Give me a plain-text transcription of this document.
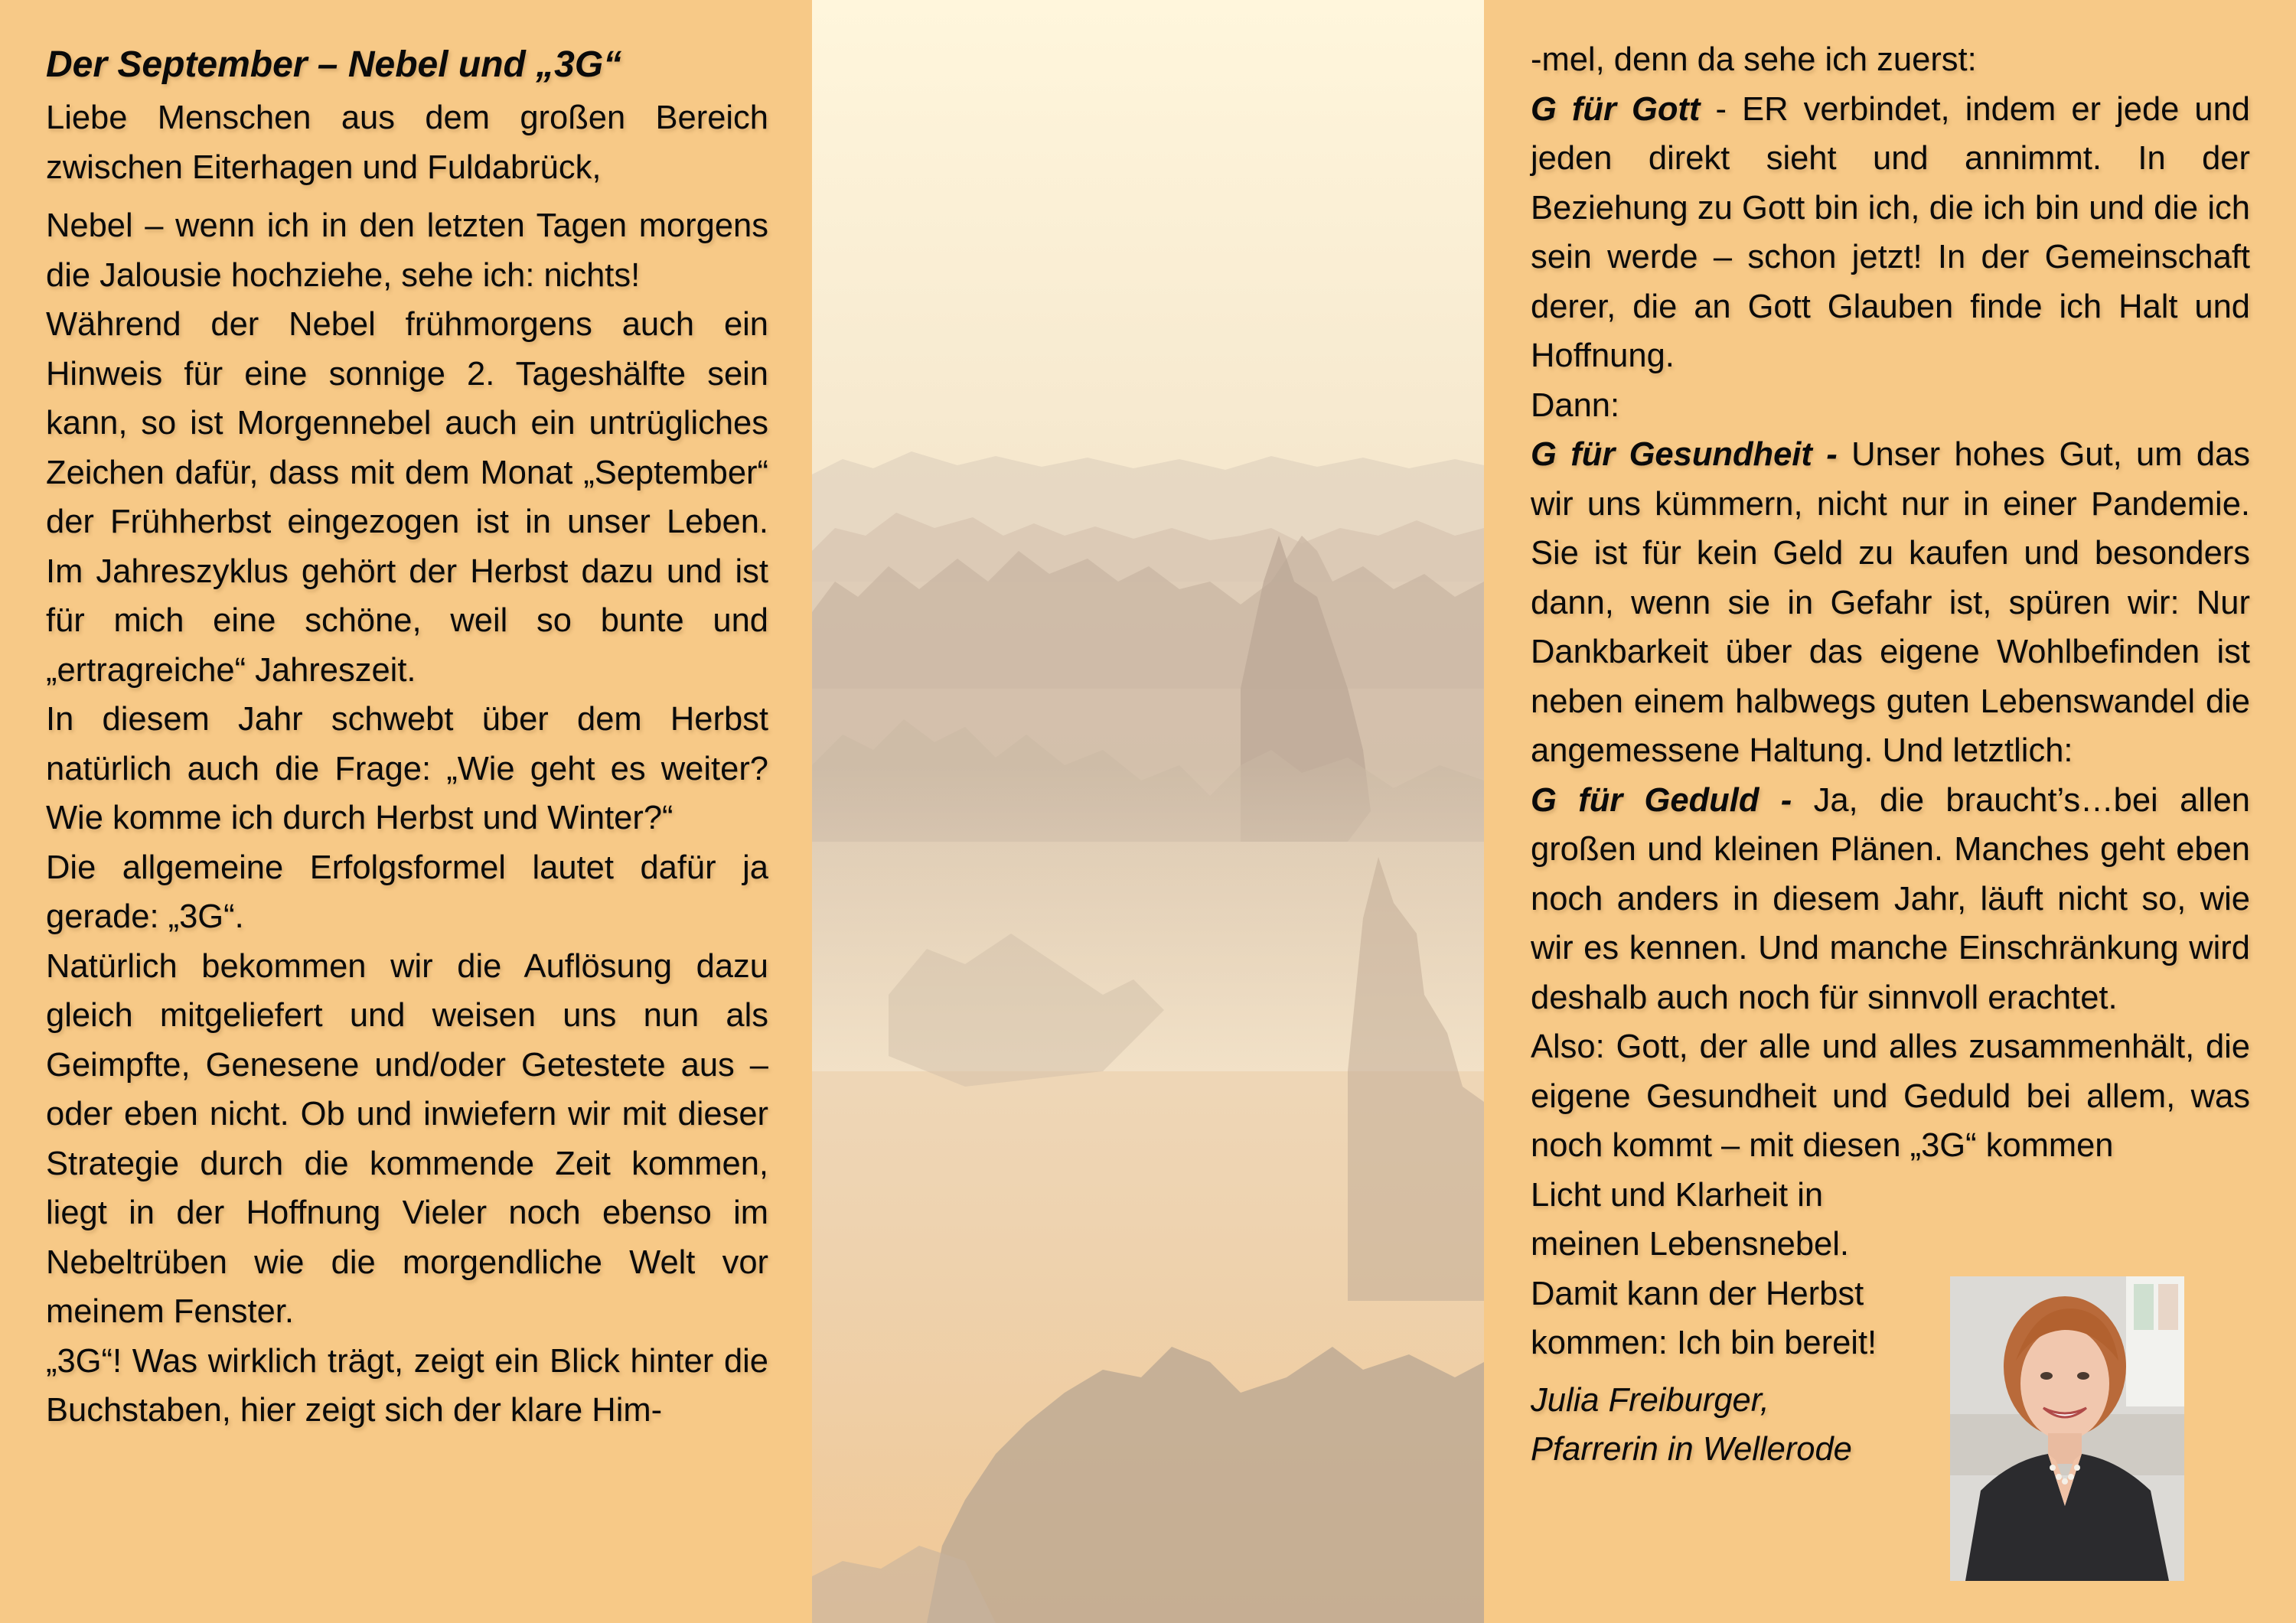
Der September – Nebel und „3G“

Liebe Menschen aus dem großen Bereich zwischen Eiterhagen und Fuldabrück,

Nebel – wenn ich in den letzten Tagen morgens die Jalousie hochziehe, sehe ich: nichts!

Während der Nebel frühmorgens auch ein Hinweis für eine sonnige 2. Tageshälfte sein kann, so ist Morgennebel auch ein untrügliches Zeichen dafür, dass mit dem Monat „September“ der Frühherbst eingezogen ist in unser Leben. Im Jahreszyklus gehört der Herbst dazu und ist für mich eine schöne, weil so bunte und „ertragreiche“ Jahreszeit.

In diesem Jahr schwebt über dem Herbst natürlich auch die Frage: „Wie geht es weiter? Wie komme ich durch Herbst und Winter?“

Die allgemeine Erfolgsformel lautet dafür ja gerade: „3G“.

Natürlich bekommen wir die Auflösung dazu gleich mitgeliefert und weisen uns nun als Geimpfte, Genesene und/oder Getestete aus – oder eben nicht. Ob und inwiefern wir mit dieser Strategie durch die kommende Zeit kommen, liegt in der Hoffnung Vieler noch ebenso im Nebeltrüben wie die morgendliche Welt vor meinem Fenster.

„3G“! Was wirklich trägt, zeigt ein Blick hinter die Buchstaben, hier zeigt sich der klare Him-

-mel, denn da sehe ich zuerst:

G für Gott - ER verbindet, indem er jede und jeden direkt sieht und annimmt. In der Beziehung zu Gott bin ich, die ich bin und die ich sein werde – schon jetzt! In der Gemeinschaft derer, die an Gott Glauben finde ich Halt und Hoffnung.

Dann:

G für Gesundheit - Unser hohes Gut, um das wir uns kümmern, nicht nur in einer Pandemie. Sie ist für kein Geld zu kaufen und besonders dann, wenn sie in Gefahr ist, spüren wir: Nur Dankbarkeit über das eigene Wohlbefinden ist neben einem halbwegs guten Lebenswandel die angemessene Haltung. Und letztlich:

G für Geduld - Ja, die braucht’s…bei allen großen und kleinen Plänen. Manches geht eben noch anders in diesem Jahr, läuft nicht so, wie wir es kennen. Und manche Einschränkung wird deshalb auch noch für sinnvoll erachtet.

Also: Gott, der alle und alles zusammenhält, die eigene Gesundheit und Geduld bei allem, was noch kommt – mit diesen „3G“ kommen

Licht und Klarheit in

meinen Lebensnebel.

Damit kann der Herbst

kommen: Ich bin bereit!

Julia Freiburger,

Pfarrerin in Wellerode
